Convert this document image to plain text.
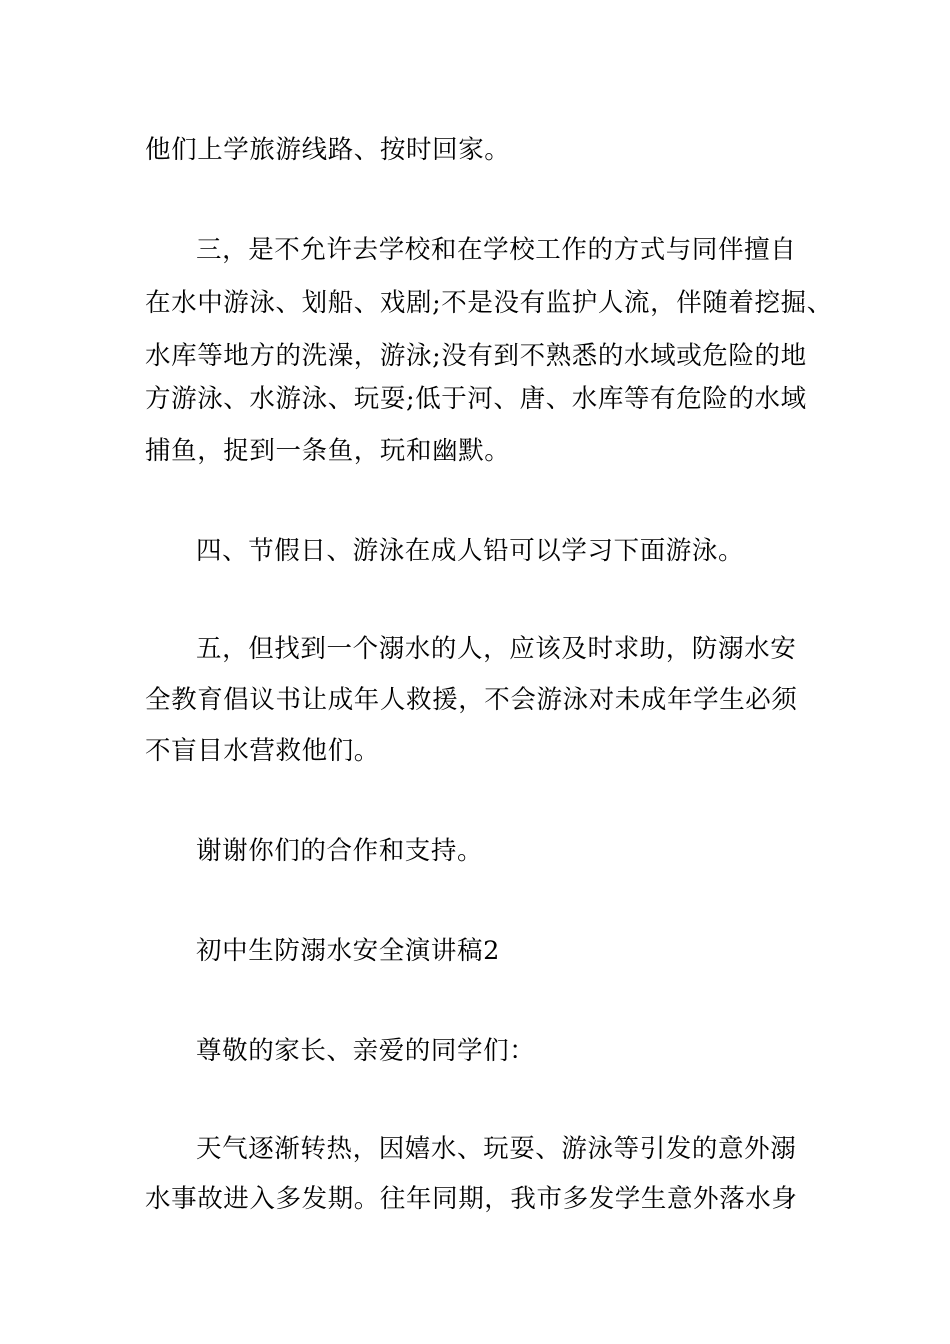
他们上学旅游线路、按时回家。
三，是不允许去学校和在学校工作的方式与同伴擅自
在水中游泳、划船、戏剧;不是没有监护人流，伴随着挖掘、
水库等地方的洗澡，游泳;没有到不熟悉的水域或危险的地
方游泳、水游泳、玩耍;低于河、唐、水库等有危险的水域
捕鱼，捉到一条鱼，玩和幽默。
四、节假日、游泳在成人铅可以学习下面游泳。
五，但找到一个溺水的人，应该及时求助，防溺水安
全教育倡议书让成年人救援，不会游泳对未成年学生必须
不盲目水营救他们。
谢谢你们的合作和支持。
初中生防溺水安全演讲稿2
尊敬的家长、亲爱的同学们：
天气逐渐转热，因嬉水、玩耍、游泳等引发的意外溺
水事故进入多发期。往年同期，我市多发学生意外落水身
